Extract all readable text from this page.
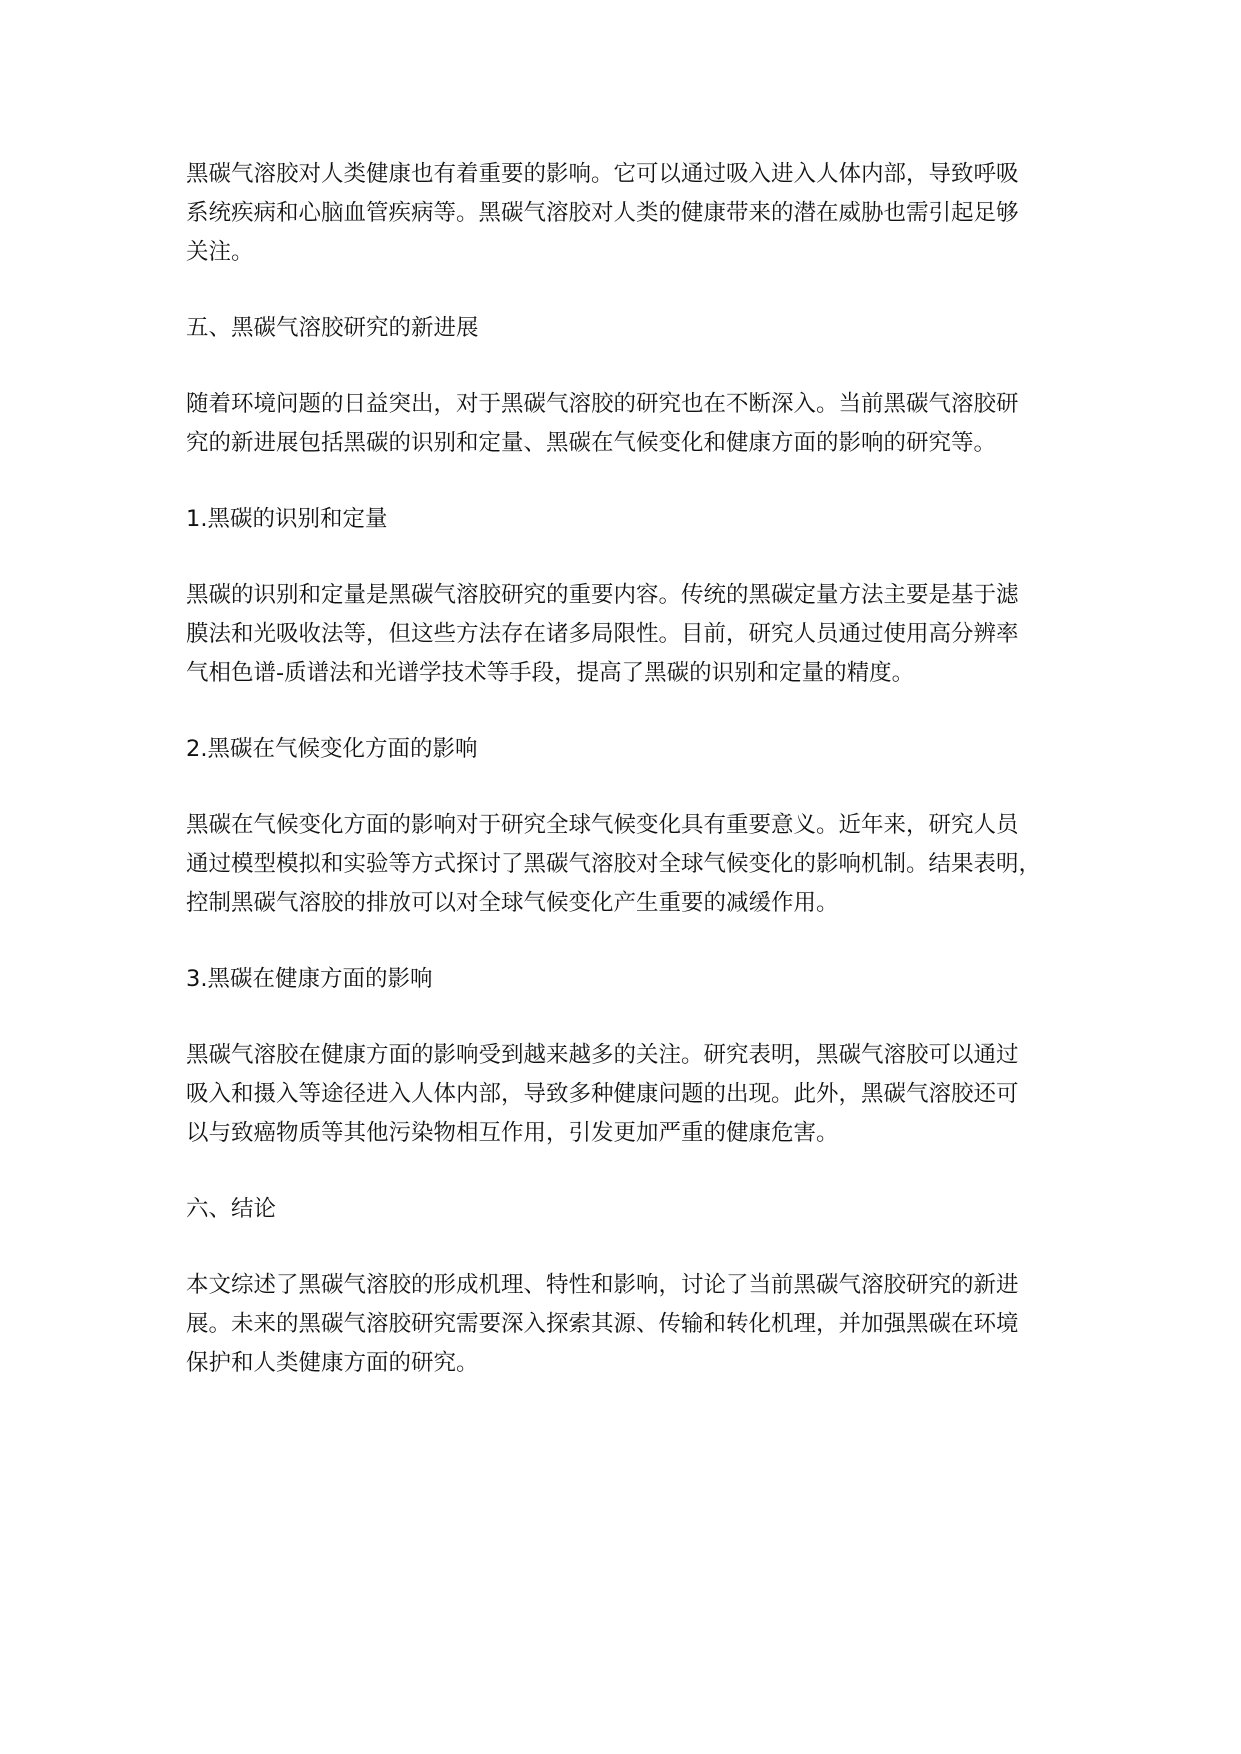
黑碳气溶胶对人类健康也有着重要的影响。它可以通过吸入进入人体内部，导致呼吸
系统疾病和心脑血管疾病等。黑碳气溶胶对人类的健康带来的潜在威胁也需引起足够
关注。

五、黑碳气溶胶研究的新进展

随着环境问题的日益突出，对于黑碳气溶胶的研究也在不断深入。当前黑碳气溶胶研
究的新进展包括黑碳的识别和定量、黑碳在气候变化和健康方面的影响的研究等。

1.黑碳的识别和定量

黑碳的识别和定量是黑碳气溶胶研究的重要内容。传统的黑碳定量方法主要是基于滤
膜法和光吸收法等，但这些方法存在诸多局限性。目前，研究人员通过使用高分辨率
气相色谱-质谱法和光谱学技术等手段，提高了黑碳的识别和定量的精度。

2.黑碳在气候变化方面的影响

黑碳在气候变化方面的影响对于研究全球气候变化具有重要意义。近年来，研究人员
通过模型模拟和实验等方式探讨了黑碳气溶胶对全球气候变化的影响机制。结果表明，
控制黑碳气溶胶的排放可以对全球气候变化产生重要的减缓作用。

3.黑碳在健康方面的影响

黑碳气溶胶在健康方面的影响受到越来越多的关注。研究表明，黑碳气溶胶可以通过
吸入和摄入等途径进入人体内部，导致多种健康问题的出现。此外，黑碳气溶胶还可
以与致癌物质等其他污染物相互作用，引发更加严重的健康危害。

六、结论

本文综述了黑碳气溶胶的形成机理、特性和影响，讨论了当前黑碳气溶胶研究的新进
展。未来的黑碳气溶胶研究需要深入探索其源、传输和转化机理，并加强黑碳在环境
保护和人类健康方面的研究。
